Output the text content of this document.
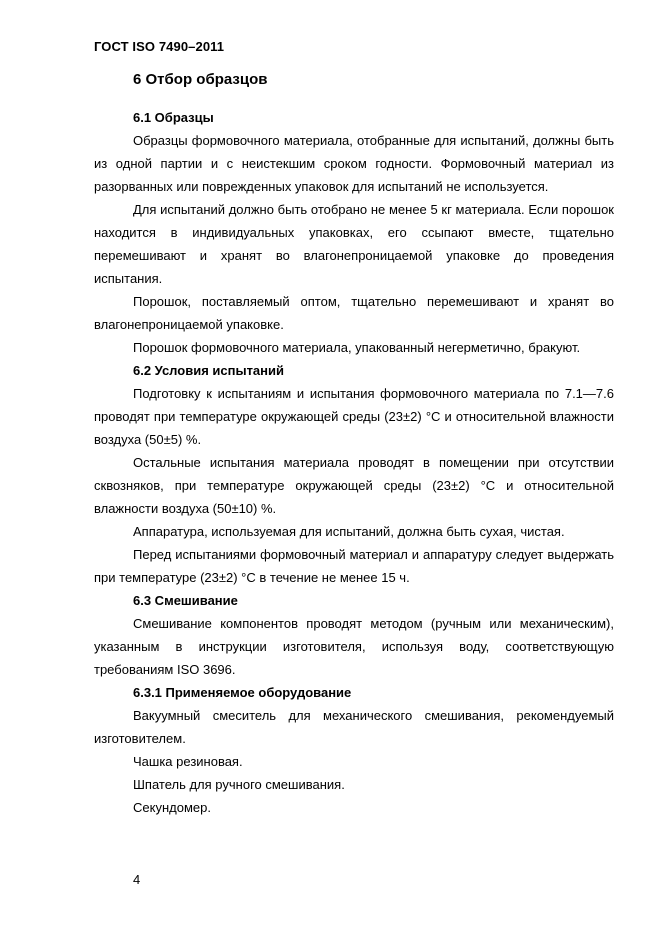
ГОСТ ISO 7490–2011
6 Отбор образцов

6.1 Образцы

Образцы формовочного материала, отобранные для испытаний, должны быть из одной партии и с неистекшим сроком годности. Формовочный материал из разорванных или поврежденных упаковок для испытаний не используется.

Для испытаний должно быть отобрано не менее 5 кг материала. Если порошок находится в индивидуальных упаковках, его ссыпают вместе, тщательно перемешивают и хранят во влагонепроницаемой упаковке до проведения испытания.

Порошок, поставляемый оптом, тщательно перемешивают и хранят во влагонепроницаемой упаковке.

Порошок формовочного материала, упакованный негерметично, бракуют.

6.2 Условия испытаний

Подготовку к испытаниям и испытания формовочного материала по 7.1—7.6 проводят при температуре окружающей среды (23±2) °С и относительной влажности воздуха (50±5) %.

Остальные испытания материала проводят в помещении при отсутствии сквозняков, при температуре окружающей среды (23±2) °С и относительной влажности воздуха (50±10) %.

Аппаратура, используемая для испытаний, должна быть сухая, чистая.

Перед испытаниями формовочный материал и аппаратуру следует выдержать при температуре (23±2) °С в течение не менее 15 ч.

6.3 Смешивание

Смешивание компонентов проводят методом (ручным или механическим), указанным в инструкции изготовителя, используя воду, соответствующую требованиям ISO 3696.

6.3.1 Применяемое оборудование

Вакуумный смеситель для механического смешивания, рекомендуемый изготовителем.

Чашка резиновая.

Шпатель для ручного смешивания.

Секундомер.

4
